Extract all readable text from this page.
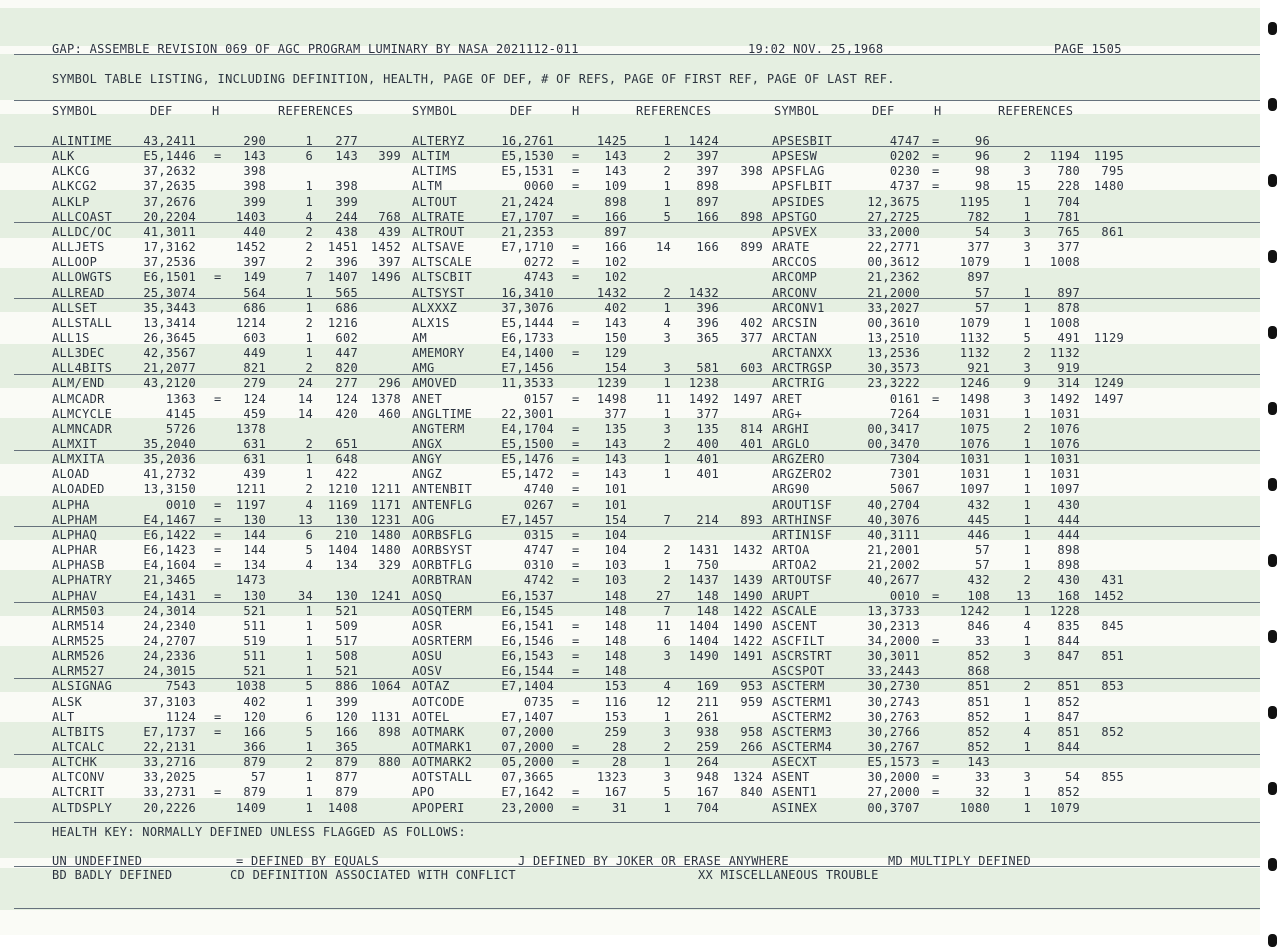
GAP: ASSEMBLE REVISION 069 OF AGC PROGRAM LUMINARY BY NASA 2021112-011	19:02 NOV. 25,1968	PAGE 1505
SYMBOL TABLE LISTING, INCLUDING DEFINITION, HEALTH, PAGE OF DEF, # OF REFS, PAGE OF FIRST REF, PAGE OF LAST REF.
SYMBOL	DEF	H	REFERENCES	SYMBOL	DEF	H	REFERENCES	SYMBOL	DEF	H	REFERENCES
ALINTIME	43,2411	290	1	277
ALK	E5,1446 =	143	6	143	399
ALKCG	37,2632	398
ALKCG2	37,2635	398	1	398
ALKLP	37,2676	399	1	399
ALLCOAST	20,2204	1403	4	244	768
ALLDC/OC	41,3011	440	2	438	439
ALLJETS	17,3162	1452	2	1451	1452
ALLOOP	37,2536	397	2	396	397
ALLOWGTS	E6,1501 =	149	7	1407	1496
ALLREAD	25,3074	564	1	565
ALLSET	35,3443	686	1	686
ALLSTALL	13,3414	1214	2	1216
ALL1S	26,3645	603	1	602
ALL3DEC	42,3567	449	1	447
ALL4BITS	21,2077	821	2	820
ALM/END	43,2120	279	24	277	296
ALMCADR	1363 =	124	14	124	1378
ALMCYCLE	4145	459	14	420	460
ALMNCADR	5726	1378
ALMXIT	35,2040	631	2	651
ALMXITA	35,2036	631	1	648
ALOAD	41,2732	439	1	422
ALOADED	13,3150	1211	2	1210	1211
ALPHA	0010 =	1197	4	1169	1171
ALPHAM	E4,1467 =	130	13	130	1231
ALPHAQ	E6,1422 =	144	6	210	1480
ALPHAR	E6,1423 =	144	5	1404	1480
ALPHASB	E4,1604 =	134	4	134	329
ALPHATRY	21,3465	1473
ALPHAV	E4,1431 =	130	34	130	1241
ALRM503	24,3014	521	1	521
ALRM514	24,2340	511	1	509
ALRM525	24,2707	519	1	517
ALRM526	24,2336	511	1	508
ALRM527	24,3015	521	1	521
ALSIGNAG	7543	1038	5	886	1064
ALSK	37,3103	402	1	399
ALT	1124 =	120	6	120	1131
ALTBITS	E7,1737 =	166	5	166	898
ALTCALC	22,2131	366	1	365
ALTCHK	33,2716	879	2	879	880
ALTCONV	33,2025	57	1	877
ALTCRIT	33,2731 =	879	1	879
ALTDSPLY	20,2226	1409	1	1408
ALTERYZ	16,2761	1425	1	1424
ALTIM	E5,1530 =	143	2	397
ALTIMS	E5,1531 =	143	2	397	398
ALTM	0060 =	109	1	898
ALTOUT	21,2424	898	1	897
ALTRATE	E7,1707 =	166	5	166	898
ALTROUT	21,2353	897
ALTSAVE	E7,1710 =	166	14	166	899
ALTSCALE	0272 =	102
ALTSCBIT	4743 =	102
ALTSYST	16,3410	1432	2	1432
ALXXXZ	37,3076	402	1	396
ALX1S	E5,1444 =	143	4	396	402
AM	E6,1733	150	3	365	377
AMEMORY	E4,1400 =	129
AMG	E7,1456	154	3	581	603
AMOVED	11,3533	1239	1	1238
ANET	0157 =	1498	11	1492	1497
ANGLTIME	22,3001	377	1	377
ANGTERM	E4,1704 =	135	3	135	814
ANGX	E5,1500 =	143	2	400	401
ANGY	E5,1476 =	143	1	401
ANGZ	E5,1472 =	143	1	401
ANTENBIT	4740 =	101
ANTENFLG	0267 =	101
AOG	E7,1457	154	7	214	893
AORBSFLG	0315 =	104
AORBSYST	4747 =	104	2	1431	1432
AORBTFLG	0310 =	103	1	750
AORBTRAN	4742 =	103	2	1437	1439
AOSQ	E6,1537	148	27	148	1490
AOSQTERM	E6,1545	148	7	148	1422
AOSR	E6,1541 =	148	11	1404	1490
AOSRTERM	E6,1546 =	148	6	1404	1422
AOSU	E6,1543 =	148	3	1490	1491
AOSV	E6,1544 =	148
AOTAZ	E7,1404	153	4	169	953
AOTCODE	0735 =	116	12	211	959
AOTEL	E7,1407	153	1	261
AOTMARK	07,2000	259	3	938	958
AOTMARK1	07,2000 =	28	2	259	266
AOTMARK2	05,2000 =	28	1	264
AOTSTALL	07,3665	1323	3	948	1324
APO	E7,1642 =	167	5	167	840
APOPERI	23,2000 =	31	1	704
APSESBIT	4747 =	96
APSESW	0202 =	96	2	1194	1195
APSFLAG	0230 =	98	3	780	795
APSFLBIT	4737 =	98	15	228	1480
APSIDES	12,3675	1195	1	704
APSTGO	27,2725	782	1	781
APSVEX	33,2000	54	3	765	861
ARATE	22,2771	377	3	377
ARCCOS	00,3612	1079	1	1008
ARCOMP	21,2362	897
ARCONV	21,2000	57	1	897
ARCONV1	33,2027	57	1	878
ARCSIN	00,3610	1079	1	1008
ARCTAN	13,2510	1132	5	491	1129
ARCTANXX	13,2536	1132	2	1132
ARCTRGSP	30,3573	921	3	919
ARCTRIG	23,3222	1246	9	314	1249
ARET	0161 =	1498	3	1492	1497
ARG+	7264	1031	1	1031
ARGHI	00,3417	1075	2	1076
ARGLO	00,3470	1076	1	1076
ARGZERO	7304	1031	1	1031
ARGZERO2	7301	1031	1	1031
ARG90	5067	1097	1	1097
AROUT1SF	40,2704	432	1	430
ARTHINSF	40,3076	445	1	444
ARTIN1SF	40,3111	446	1	444
ARTOA	21,2001	57	1	898
ARTOA2	21,2002	57	1	898
ARTOUTSF	40,2677	432	2	430	431
ARUPT	0010 =	108	13	168	1452
ASCALE	13,3733	1242	1	1228
ASCENT	30,2313	846	4	835	845
ASCFILT	34,2000 =	33	1	844
ASCRSTRT	30,3011	852	3	847	851
ASCSPOT	33,2443	868
ASCTERM	30,2730	851	2	851	853
ASCTERM1	30,2743	851	1	852
ASCTERM2	30,2763	852	1	847
ASCTERM3	30,2766	852	4	851	852
ASCTERM4	30,2767	852	1	844
ASECXT	E5,1573 =	143
ASENT	30,2000 =	33	3	54	855
ASENT1	27,2000 =	32	1	852
ASINEX	00,3707	1080	1	1079
HEALTH KEY: NORMALLY DEFINED UNLESS FLAGGED AS FOLLOWS:
UN UNDEFINED	= DEFINED BY EQUALS	J DEFINED BY JOKER OR ERASE ANYWHERE	MD MULTIPLY DEFINED
BD BADLY DEFINED	CD DEFINITION ASSOCIATED WITH CONFLICT	XX MISCELLANEOUS TROUBLE
